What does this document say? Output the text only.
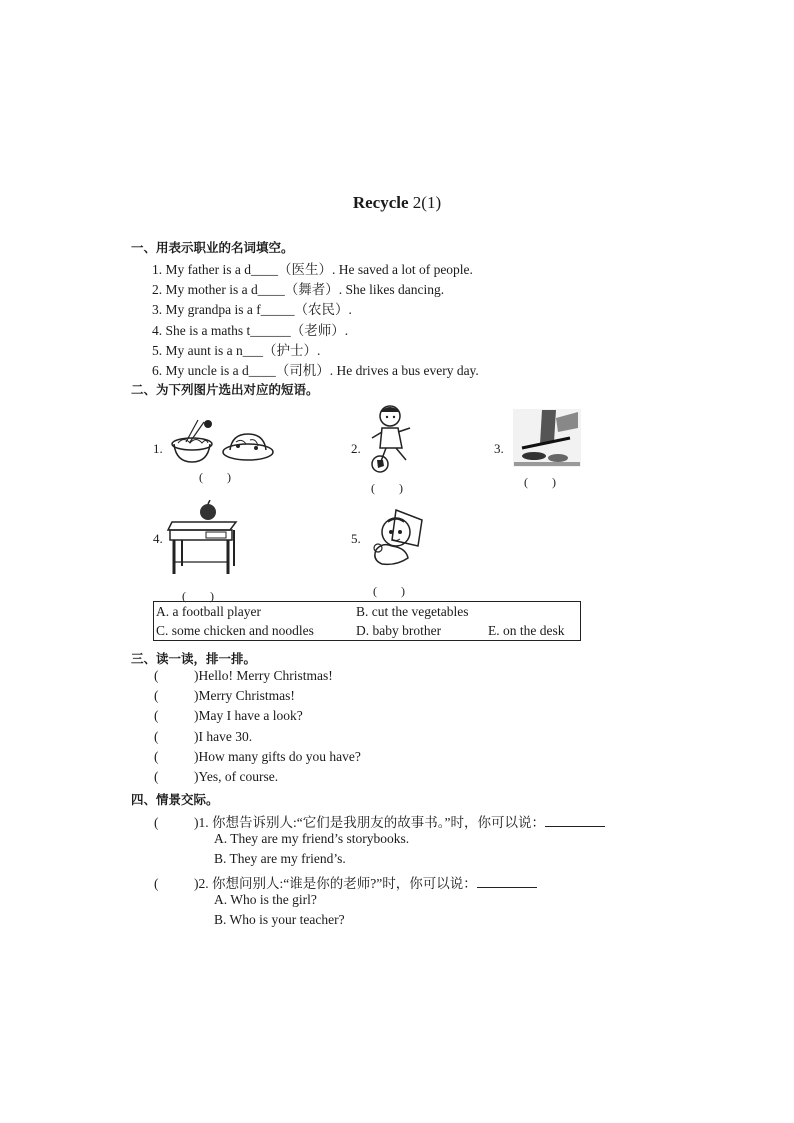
Recycle 2(1)
一、用表示职业的名词填空。
1. My father is a d____（医生）. He saved a lot of people.
2. My mother is a d____（舞者）. She likes dancing.
3. My grandpa is a f_____（农民）.
4. She is a maths t______（老师）.
5. My aunt is a n___（护士）.
6. My uncle is a d____（司机）. He drives a bus every day.
二、为下列图片选出对应的短语。
1.
(　　)
2.
(　　)
3.
(　　)
4.
(　　)
5.
(　　)
A. a football player	B. cut the vegetables	
C. some chicken and noodles	D. baby brother	E. on the desk
三、读一读，排一排。
(	)Hello! Merry Christmas!
(	)Merry Christmas!
(	)May I have a look?
(	)I have 30.
(	)How many gifts do you have?
(	)Yes, of course.
四、情景交际。
(	)1. 你想告诉别人:“它们是我朋友的故事书。”时，你可以说：
A. They are my friend’s storybooks.
B. They are my friend’s.
(	)2. 你想问别人:“谁是你的老师?”时，你可以说：
A. Who is the girl?
B. Who is your teacher?
